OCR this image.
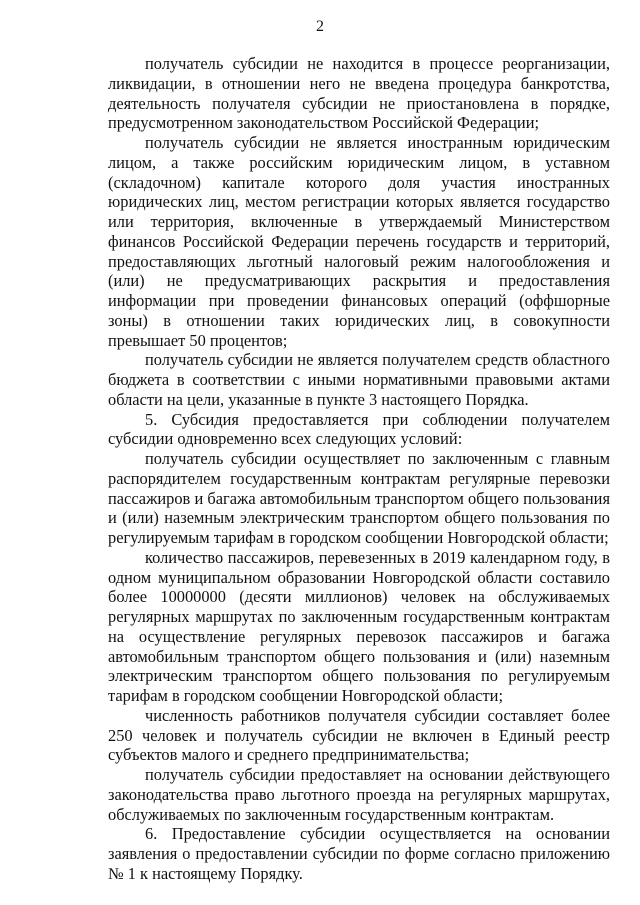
2

получатель субсидии не находится в процессе реорганизации, ликвидации, в отношении него не введена процедура банкротства, деятельность получателя субсидии не приостановлена в порядке, предусмотренном законодательством Российской Федерации;

получатель субсидии не является иностранным юридическим лицом, а также российским юридическим лицом, в уставном (складочном) капитале которого доля участия иностранных юридических лиц, местом регистрации которых является государство или территория, включенные в утверждаемый Министерством финансов Российской Федерации перечень государств и территорий, предоставляющих льготный налоговый режим налогообложения и (или) не предусматривающих раскрытия и предоставления информации при проведении финансовых операций (оффшорные зоны) в отношении таких юридических лиц, в совокупности превышает 50 процентов;

получатель субсидии не является получателем средств областного бюджета в соответствии с иными нормативными правовыми актами области на цели, указанные в пункте 3 настоящего Порядка.

5. Субсидия предоставляется при соблюдении получателем субсидии одновременно всех следующих условий:

получатель субсидии осуществляет по заключенным с главным распорядителем государственным контрактам регулярные перевозки пассажиров и багажа автомобильным транспортом общего пользования и (или) наземным электрическим транспортом общего пользования по регулируемым тарифам в городском сообщении Новгородской области;

количество пассажиров, перевезенных в 2019 календарном году, в одном муниципальном образовании Новгородской области составило более 10000000 (десяти миллионов) человек на обслуживаемых регулярных маршрутах по заключенным государственным контрактам на осуществление регулярных перевозок пассажиров и багажа автомобильным транспортом общего пользования и (или) наземным электрическим транспортом общего пользования по регулируемым тарифам в городском сообщении Новгородской области;

численность работников получателя субсидии составляет более 250 человек и получатель субсидии не включен в Единый реестр субъектов малого и среднего предпринимательства;

получатель субсидии предоставляет на основании действующего законодательства право льготного проезда на регулярных маршрутах, обслуживаемых по заключенным государственным контрактам.

6. Предоставление субсидии осуществляется на основании заявления о предоставлении субсидии по форме согласно приложению № 1 к настоящему Порядку.
